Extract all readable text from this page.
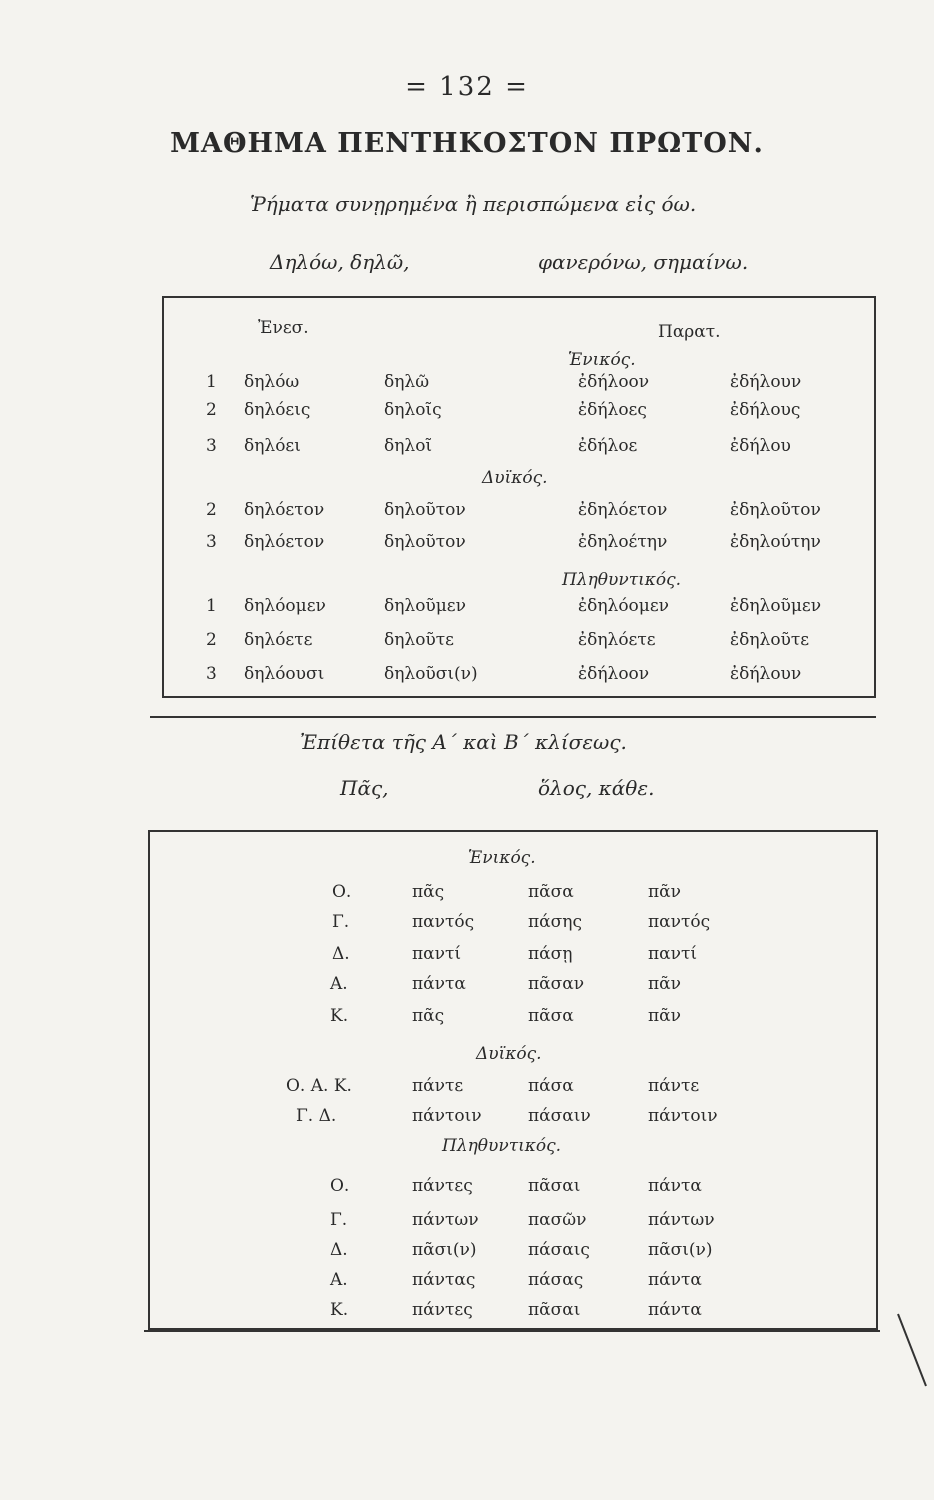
= 132 =
ΜΑΘΗΜΑ ΠΕΝΤΗΚΟΣΤΟΝ ΠΡΩΤΟΝ.
Ῥήματα συνῃρημένα ἢ περισπώμενα εἰς όω.
Δηλόω, δηλῶ,	φανερόνω, σημαίνω.
Ἐνεσ.	Παρατ.
Ἑνικός.
1 δηλόω	δηλῶ	ἐδήλοον	ἐδήλουν
2 δηλόεις	δηλοῖς	ἐδήλοες	ἐδήλους
3 δηλόει	δηλοῖ	ἐδήλοε	ἐδήλου
Δυϊκός.
2 δηλόετον	δηλοῦτον	ἐδηλόετον	ἐδηλοῦτον
3 δηλόετον	δηλοῦτον	ἐδηλοέτην	ἐδηλούτην
Πληθυντικός.
1 δηλόομεν	δηλοῦμεν	ἐδηλόομεν	ἐδηλοῦμεν
2 δηλόετε	δηλοῦτε	ἐδηλόετε	ἐδηλοῦτε
3 δηλόουσι	δηλοῦσι(ν)	ἐδήλοον	ἐδήλουν
Ἐπίθετα τῆς Α΄ καὶ Β΄ κλίσεως.
Πᾶς,	ὅλος, κάθε.
Ἑνικός.
Ο.	πᾶς	πᾶσα	πᾶν
Γ.	παντός	πάσης	παντός
Δ.	παντί	πάσῃ	παντί
Α.	πάντα	πᾶσαν	πᾶν
Κ.	πᾶς	πᾶσα	πᾶν
Δυϊκός.
Ο. Α. Κ.	πάντε	πάσα	πάντε
Γ. Δ.	πάντοιν	πάσαιν	πάντοιν
Πληθυντικός.
Ο.	πάντες	πᾶσαι	πάντα
Γ.	πάντων	πασῶν	πάντων
Δ.	πᾶσι(ν)	πάσαις	πᾶσι(ν)
Α.	πάντας	πάσας	πάντα
Κ.	πάντες	πᾶσαι	πάντα
